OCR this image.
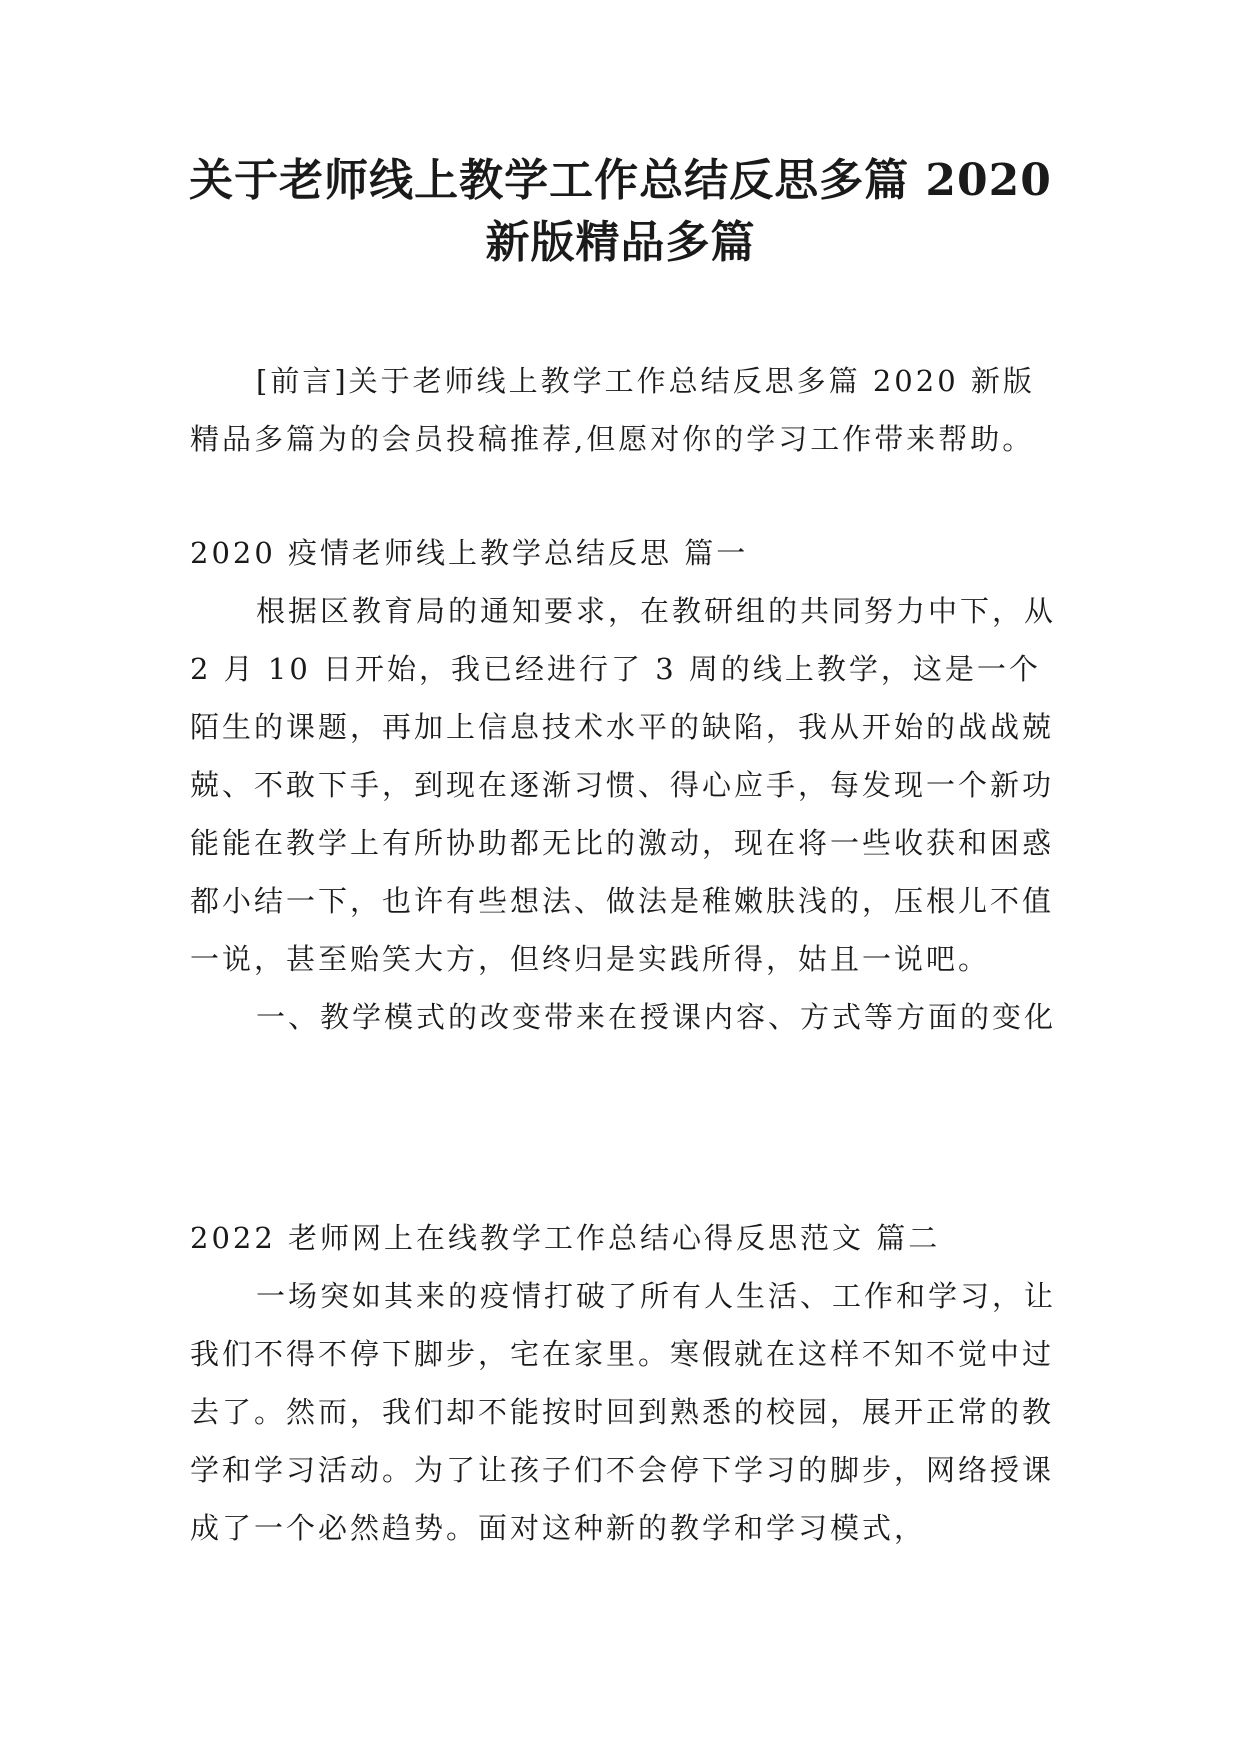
关于老师线上教学工作总结反思多篇 2020
新版精品多篇

[前言]关于老师线上教学工作总结反思多篇 2020 新版精品多篇为的会员投稿推荐,但愿对你的学习工作带来帮助。

2020 疫情老师线上教学总结反思 篇一

根据区教育局的通知要求，在教研组的共同努力中下，从 2 月 10 日开始，我已经进行了 3 周的线上教学，这是一个陌生的课题，再加上信息技术水平的缺陷，我从开始的战战兢兢、不敢下手，到现在逐渐习惯、得心应手，每发现一个新功能能在教学上有所协助都无比的激动，现在将一些收获和困惑都小结一下，也许有些想法、做法是稚嫩肤浅的，压根儿不值一说，甚至贻笑大方，但终归是实践所得，姑且一说吧。

一、教学模式的改变带来在授课内容、方式等方面的变化

2022 老师网上在线教学工作总结心得反思范文 篇二

一场突如其来的疫情打破了所有人生活、工作和学习，让我们不得不停下脚步，宅在家里。寒假就在这样不知不觉中过去了。然而，我们却不能按时回到熟悉的校园，展开正常的教学和学习活动。为了让孩子们不会停下学习的脚步，网络授课成了一个必然趋势。面对这种新的教学和学习模式，
